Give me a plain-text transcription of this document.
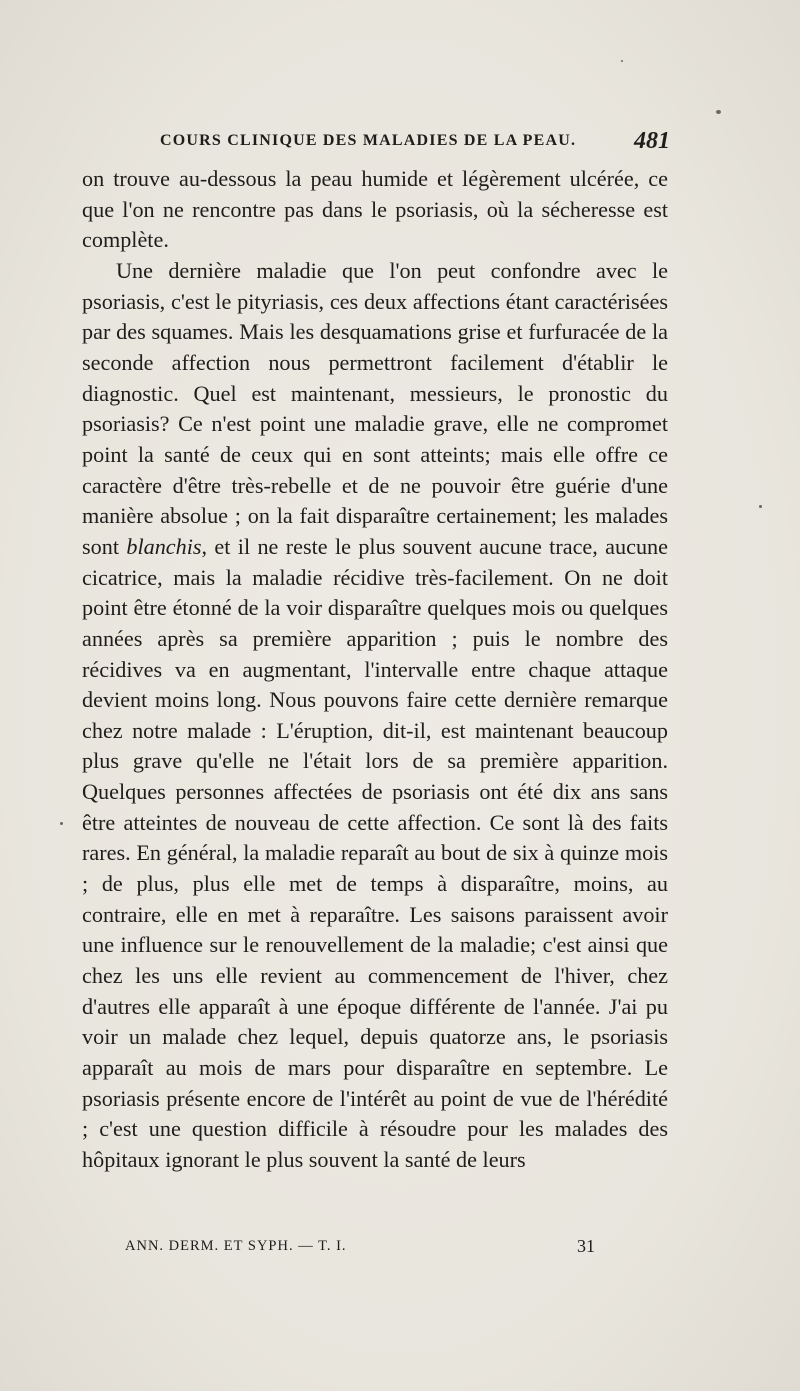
COURS CLINIQUE DES MALADIES DE LA PEAU. 481

on trouve au-dessous la peau humide et légèrement ulcérée, ce que l'on ne rencontre pas dans le psoriasis, où la sécheresse est complète.

Une dernière maladie que l'on peut confondre avec le psoriasis, c'est le pityriasis, ces deux affections étant caractérisées par des squames. Mais les desquamations grise et furfuracée de la seconde affection nous permettront facilement d'établir le diagnostic. Quel est maintenant, messieurs, le pronostic du psoriasis? Ce n'est point une maladie grave, elle ne compromet point la santé de ceux qui en sont atteints; mais elle offre ce caractère d'être très-rebelle et de ne pouvoir être guérie d'une manière absolue ; on la fait disparaître certainement; les malades sont blanchis, et il ne reste le plus souvent aucune trace, aucune cicatrice, mais la maladie récidive très-facilement. On ne doit point être étonné de la voir disparaître quelques mois ou quelques années après sa première apparition ; puis le nombre des récidives va en augmentant, l'intervalle entre chaque attaque devient moins long. Nous pouvons faire cette dernière remarque chez notre malade : L'éruption, dit-il, est maintenant beaucoup plus grave qu'elle ne l'était lors de sa première apparition. Quelques personnes affectées de psoriasis ont été dix ans sans être atteintes de nouveau de cette affection. Ce sont là des faits rares. En général, la maladie reparaît au bout de six à quinze mois ; de plus, plus elle met de temps à disparaître, moins, au contraire, elle en met à reparaître. Les saisons paraissent avoir une influence sur le renouvellement de la maladie; c'est ainsi que chez les uns elle revient au commencement de l'hiver, chez d'autres elle apparaît à une époque différente de l'année. J'ai pu voir un malade chez lequel, depuis quatorze ans, le psoriasis apparaît au mois de mars pour disparaître en septembre. Le psoriasis présente encore de l'intérêt au point de vue de l'hérédité ; c'est une question difficile à résoudre pour les malades des hôpitaux ignorant le plus souvent la santé de leurs

ANN. DERM. ET SYPH. — T. I.	31
